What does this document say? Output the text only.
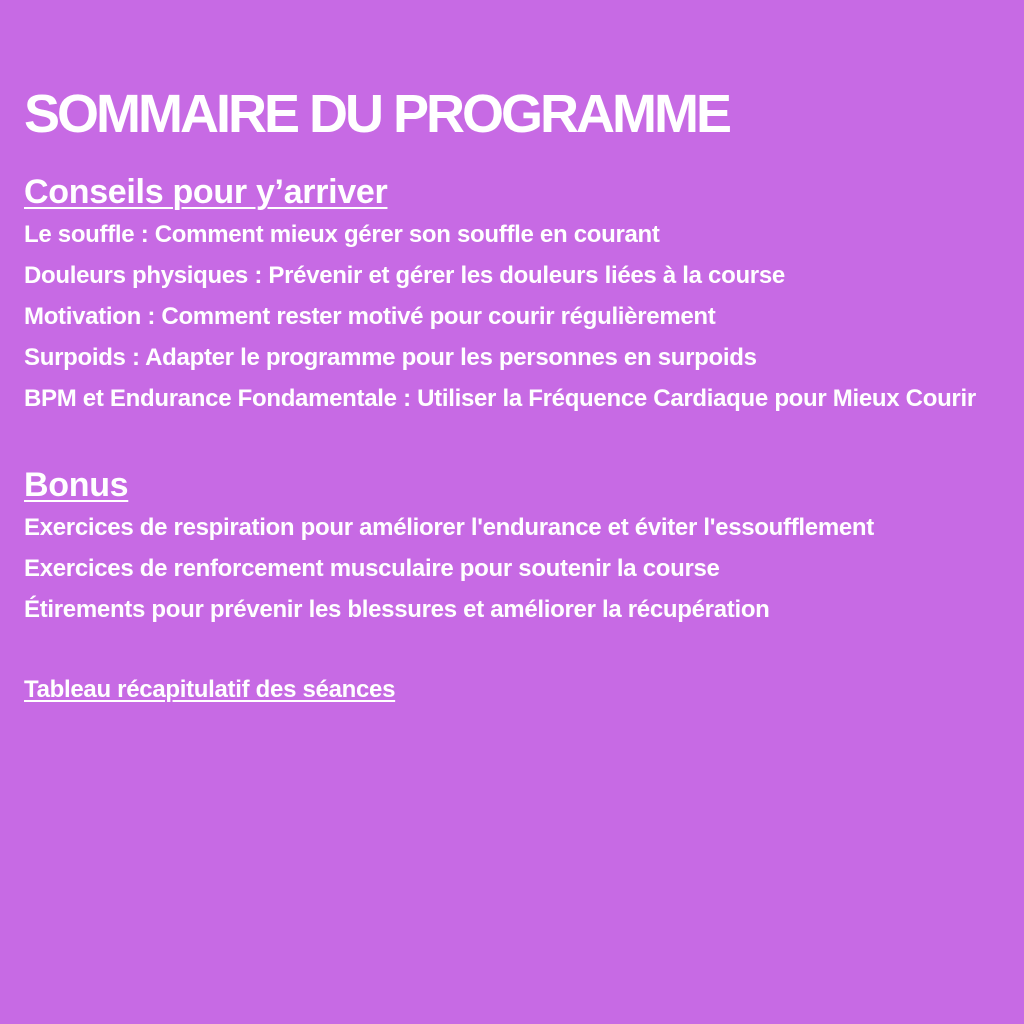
SOMMAIRE DU PROGRAMME
Conseils pour y’arriver
Le souffle : Comment mieux gérer son souffle en courant
Douleurs physiques : Prévenir et gérer les douleurs liées à la course
Motivation : Comment rester motivé pour courir régulièrement
Surpoids : Adapter le programme pour les personnes en surpoids
BPM et Endurance Fondamentale : Utiliser la Fréquence Cardiaque pour Mieux Courir
Bonus
Exercices de respiration pour améliorer l'endurance et éviter l'essoufflement
Exercices de renforcement musculaire pour soutenir la course
Étirements pour prévenir les blessures et améliorer la récupération
Tableau récapitulatif des séances
